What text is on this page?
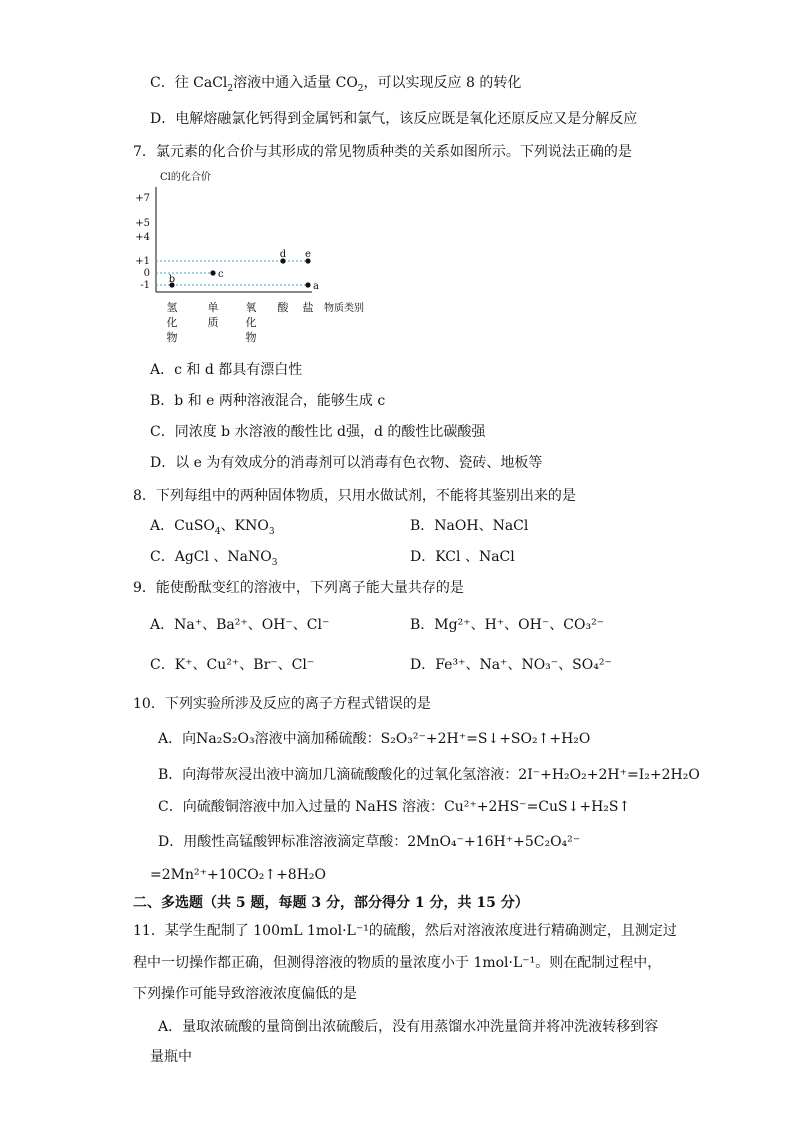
C．往 CaCl$_2$溶液中通入适量 $CO_2$，可以实现反应 8 的转化
D．电解熔融氯化钙得到金属钙和氯气，该反应既是氧化还原反应又是分解反应
7．氯元素的化合价与其形成的常见物质种类的关系如图所示。下列说法正确的是
Cl的化合价
物质类别
+7
+5
+4
+1
0
-1
b	c
d e
a
氢
化
物
单
质
氧
化
物
酸 盐
A．c 和 d 都具有漂白性
B．b 和 e 两种溶液混合，能够生成 c
C．同浓度 b 水溶液的酸性比 d强，d 的酸性比碳酸强
D．以 e 为有效成分的消毒剂可以消毒有色衣物、瓷砖、地板等
8．下列每组中的两种固体物质，只用水做试剂，不能将其鉴别出来的是
A．CuSO$_4$、$KNO_3$	B．NaOH、NaCl
C．AgCl 、NaNO$_3$	D．KCl 、NaCl
9．能使酚酞变红的溶液中，下列离子能大量共存的是
A．Na⁺、Ba²⁺、OH⁻、Cl⁻	B．Mg²⁺、H⁺、OH⁻、CO₃²⁻
C．K⁺、Cu²⁺、Br⁻、Cl⁻	D．Fe³⁺、Na⁺、NO₃⁻、SO₄²⁻
10．下列实验所涉及反应的离子方程式错误的是
A．向Na₂S₂O₃溶液中滴加稀硫酸：S₂O₃²⁻+2H⁺=S↓+SO₂↑+H₂O
B．向海带灰浸出液中滴加几滴硫酸酸化的过氧化氢溶液：2I⁻+H₂O₂+2H⁺=I₂+2H₂O
C．向硫酸铜溶液中加入过量的 NaHS 溶液：Cu²⁺+2HS⁻=CuS↓+H₂S↑
D．用酸性高锰酸钾标准溶液滴定草酸：2MnO₄⁻+16H⁺+5C₂O₄²⁻
=2Mn²⁺+10CO₂↑+8H₂O
二、多选题（共 5 题，每题 3 分，部分得分 1 分，共 15 分）
11．某学生配制了 100mL 1mol·L⁻¹的硫酸，然后对溶液浓度进行精确测定，且测定过
程中一切操作都正确，但测得溶液的物质的量浓度小于 1mol·L⁻¹。则在配制过程中，
下列操作可能导致溶液浓度偏低的是
A．量取浓硫酸的量筒倒出浓硫酸后，没有用蒸馏水冲洗量筒并将冲洗液转移到容
量瓶中
